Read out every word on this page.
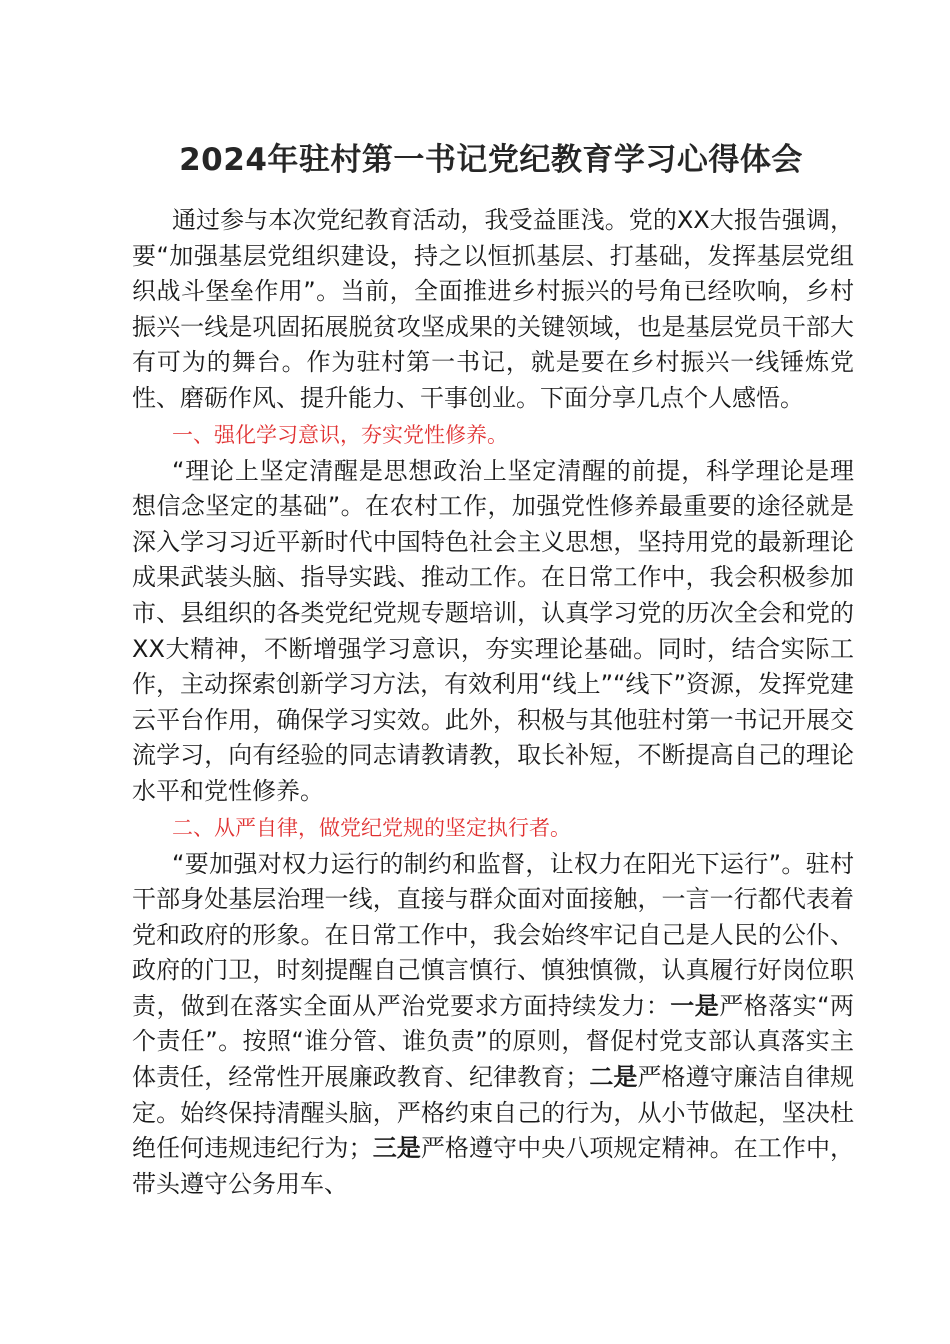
2024年驻村第一书记党纪教育学习心得体会

通过参与本次党纪教育活动，我受益匪浅。党的XX大报告强调，要“加强基层党组织建设，持之以恒抓基层、打基础，发挥基层党组织战斗堡垒作用”。当前，全面推进乡村振兴的号角已经吹响，乡村振兴一线是巩固拓展脱贫攻坚成果的关键领域，也是基层党员干部大有可为的舞台。作为驻村第一书记，就是要在乡村振兴一线锤炼党性、磨砺作风、提升能力、干事创业。下面分享几点个人感悟。

一、强化学习意识，夯实党性修养。

“理论上坚定清醒是思想政治上坚定清醒的前提，科学理论是理想信念坚定的基础”。在农村工作，加强党性修养最重要的途径就是深入学习习近平新时代中国特色社会主义思想，坚持用党的最新理论成果武装头脑、指导实践、推动工作。在日常工作中，我会积极参加市、县组织的各类党纪党规专题培训，认真学习党的历次全会和党的XX大精神，不断增强学习意识，夯实理论基础。同时，结合实际工作，主动探索创新学习方法，有效利用“线上”“线下”资源，发挥党建云平台作用，确保学习实效。此外，积极与其他驻村第一书记开展交流学习，向有经验的同志请教请教，取长补短，不断提高自己的理论水平和党性修养。

二、从严自律，做党纪党规的坚定执行者。

“要加强对权力运行的制约和监督，让权力在阳光下运行”。驻村干部身处基层治理一线，直接与群众面对面接触，一言一行都代表着党和政府的形象。在日常工作中，我会始终牢记自己是人民的公仆、政府的门卫，时刻提醒自己慎言慎行、慎独慎微，认真履行好岗位职责，做到在落实全面从严治党要求方面持续发力：一是严格落实“两个责任”。按照“谁分管、谁负责”的原则，督促村党支部认真落实主体责任，经常性开展廉政教育、纪律教育；二是严格遵守廉洁自律规定。始终保持清醒头脑，严格约束自己的行为，从小节做起，坚决杜绝任何违规违纪行为；三是严格遵守中央八项规定精神。在工作中，带头遵守公务用车、
